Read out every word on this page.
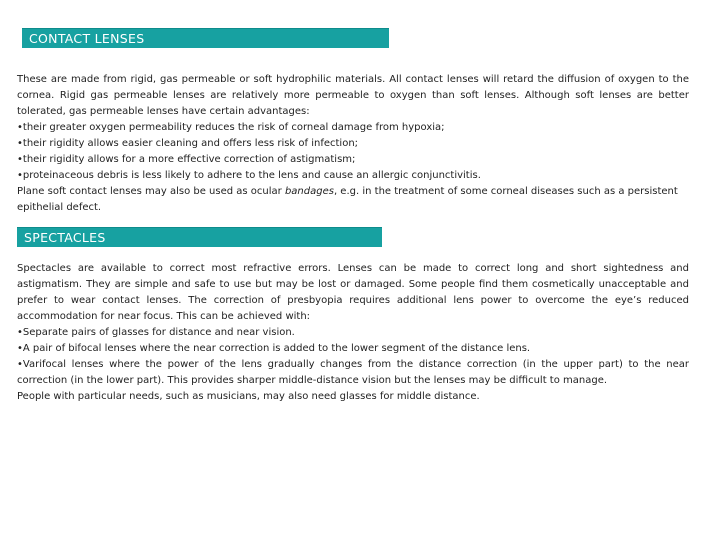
CONTACT LENSES

These are made from rigid, gas permeable or soft hydrophilic materials. All contact lenses will retard the diffusion of oxygen to the cornea. Rigid gas permeable lenses are relatively more permeable to oxygen than soft lenses. Although soft lenses are better tolerated, gas permeable lenses have certain advantages:

•their greater oxygen permeability reduces the risk of corneal damage from hypoxia;

•their rigidity allows easier cleaning and offers less risk of infection;

•their rigidity allows for a more effective correction of astigmatism;

•proteinaceous debris is less likely to adhere to the lens and cause an allergic conjunctivitis.

Plane soft contact lenses may also be used as ocular bandages, e.g. in the treatment of some corneal diseases such as a persistent epithelial defect.

SPECTACLES

Spectacles are available to correct most refractive errors. Lenses can be made to correct long and short sightedness and astigmatism. They are simple and safe to use but may be lost or damaged. Some people find them cosmetically unacceptable and prefer to wear contact lenses. The correction of presbyopia requires additional lens power to overcome the eye’s reduced accommodation for near focus. This can be achieved with:

•Separate pairs of glasses for distance and near vision.

•A pair of bifocal lenses where the near correction is added to the lower segment of the distance lens.

•Varifocal lenses where the power of the lens gradually changes from the distance correction (in the upper part) to the near correction (in the lower part). This provides sharper middle-distance vision but the lenses may be difficult to manage.

People with particular needs, such as musicians, may also need glasses for middle distance.
